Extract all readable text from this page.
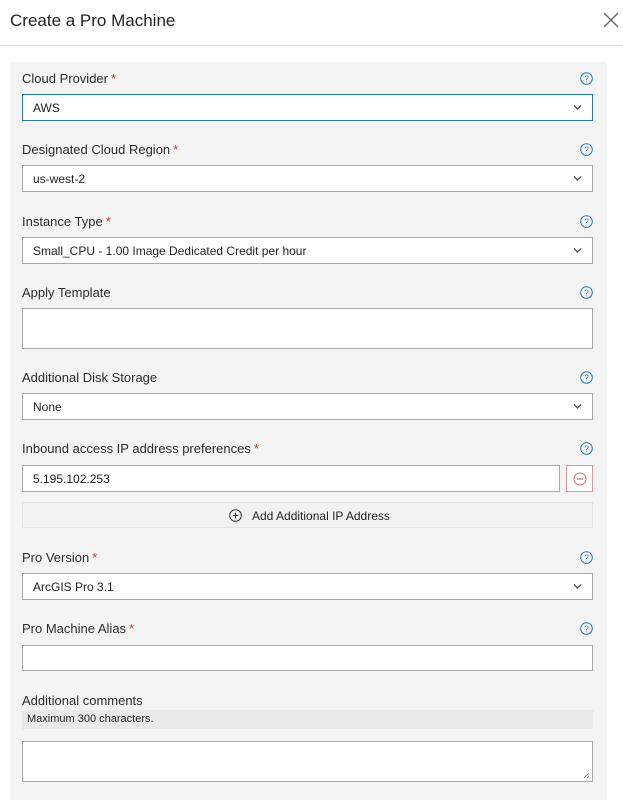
Create a Pro Machine
Cloud Provider *	?
AWS
Designated Cloud Region *	?
us-west-2
Instance Type *	?
Small_CPU - 1.00 Image Dedicated Credit per hour
Apply Template	?
Additional Disk Storage	?
None
Inbound access IP address preferences *	?
5.195.102.253
Add Additional IP Address
Pro Version *	?
ArcGIS Pro 3.1
Pro Machine Alias *	?
Additional comments
Maximum 300 characters.
